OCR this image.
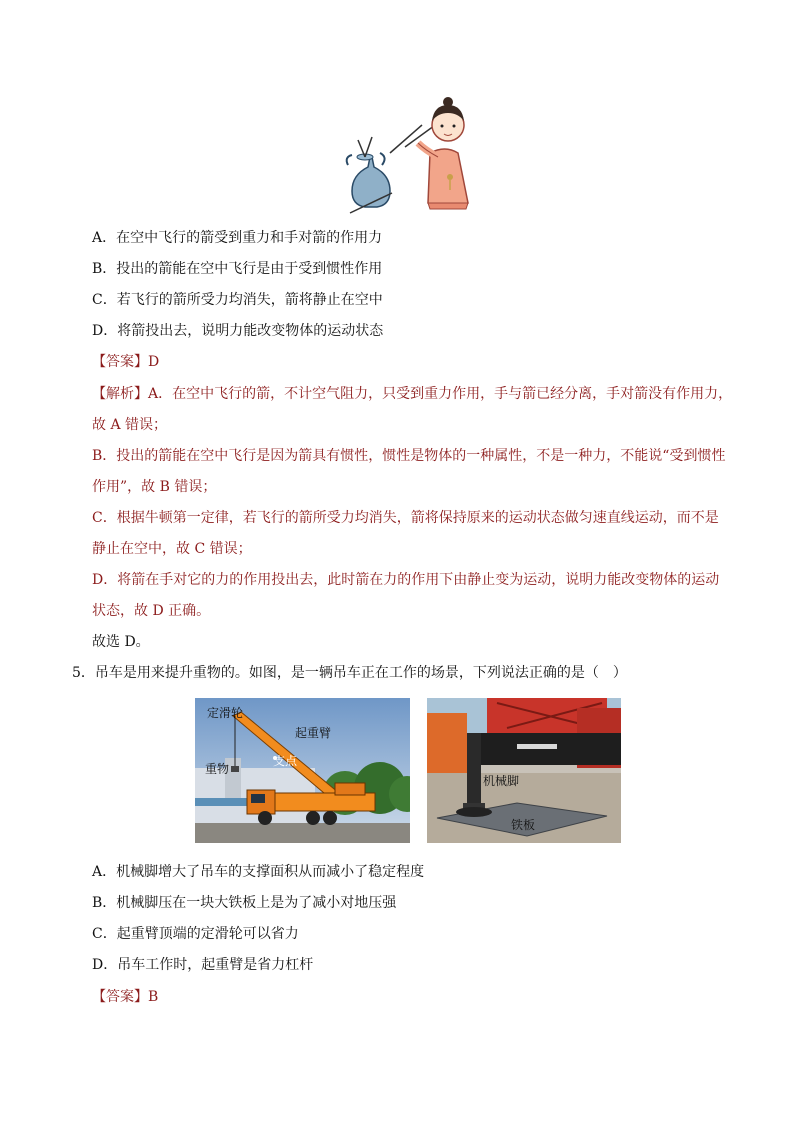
A．在空中飞行的箭受到重力和手对箭的作用力
B．投出的箭能在空中飞行是由于受到惯性作用
C．若飞行的箭所受力均消失，箭将静止在空中
D．将箭投出去，说明力能改变物体的运动状态
【答案】D
【解析】A．在空中飞行的箭，不计空气阻力，只受到重力作用，手与箭已经分离，手对箭没有作用力，
故 A 错误；
B．投出的箭能在空中飞行是因为箭具有惯性，惯性是物体的一种属性，不是一种力，不能说“受到惯性
作用”，故 B 错误；
C．根据牛顿第一定律，若飞行的箭所受力均消失，箭将保持原来的运动状态做匀速直线运动，而不是
静止在空中，故 C 错误；
D．将箭在手对它的力的作用投出去，此时箭在力的作用下由静止变为运动，说明力能改变物体的运动
状态，故 D 正确。
故选 D。
5．吊车是用来提升重物的。如图，是一辆吊车正在工作的场景，下列说法正确的是（　）
定滑轮
起重臂
支点
重物
机械脚
铁板
A．机械脚增大了吊车的支撑面积从而减小了稳定程度
B．机械脚压在一块大铁板上是为了减小对地压强
C．起重臂顶端的定滑轮可以省力
D．吊车工作时，起重臂是省力杠杆
【答案】B
